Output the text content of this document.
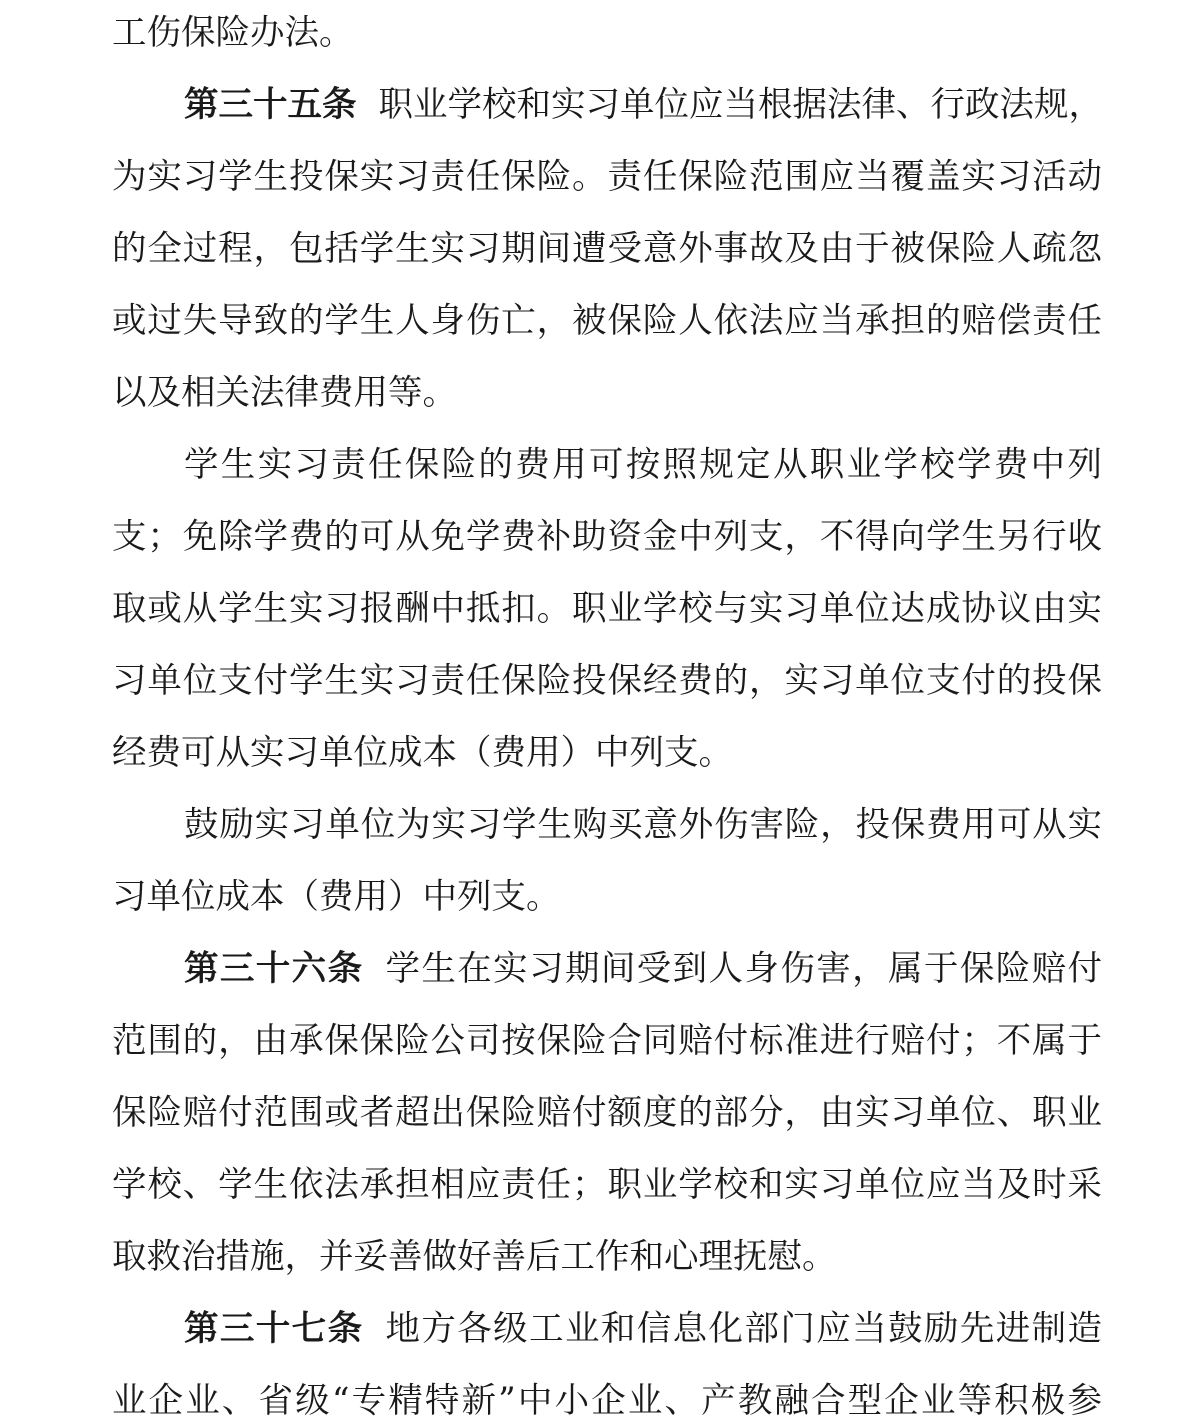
工伤保险办法。
第三十五条 职业学校和实习单位应当根据法律、行政法规，
为实习学生投保实习责任保险。责任保险范围应当覆盖实习活动
的全过程，包括学生实习期间遭受意外事故及由于被保险人疏忽
或过失导致的学生人身伤亡，被保险人依法应当承担的赔偿责任
以及相关法律费用等。
学生实习责任保险的费用可按照规定从职业学校学费中列
支；免除学费的可从免学费补助资金中列支，不得向学生另行收
取或从学生实习报酬中抵扣。职业学校与实习单位达成协议由实
习单位支付学生实习责任保险投保经费的，实习单位支付的投保
经费可从实习单位成本（费用）中列支。
鼓励实习单位为实习学生购买意外伤害险，投保费用可从实
习单位成本（费用）中列支。
第三十六条 学生在实习期间受到人身伤害，属于保险赔付
范围的，由承保保险公司按保险合同赔付标准进行赔付；不属于
保险赔付范围或者超出保险赔付额度的部分，由实习单位、职业
学校、学生依法承担相应责任；职业学校和实习单位应当及时采
取救治措施，并妥善做好善后工作和心理抚慰。
第三十七条 地方各级工业和信息化部门应当鼓励先进制造
业企业、省级“专精特新”中小企业、产教融合型企业等积极参
